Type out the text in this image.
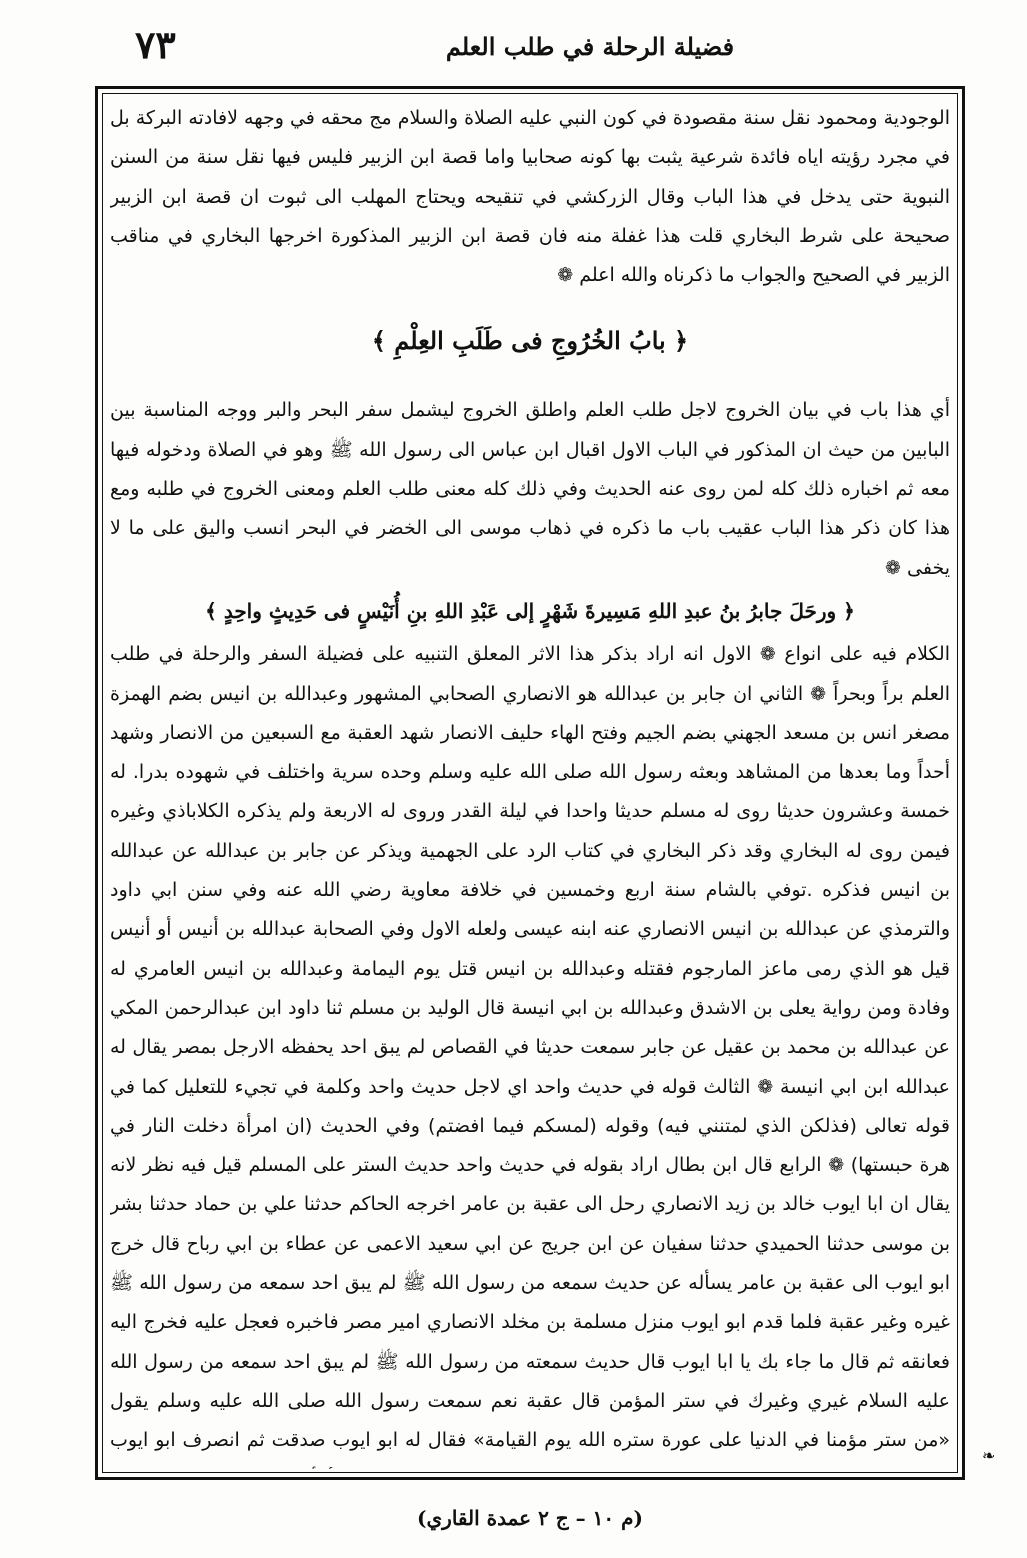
٧٣	فضيلة الرحلة في طلب العلم

الوجودية ومحمود نقل سنة مقصودة في كون النبي عليه الصلاة والسلام مج محقه في وجهه لافادته البركة بل في مجرد رؤيته اياه فائدة شرعية يثبت بها كونه صحابيا واما قصة ابن الزبير فليس فيها نقل سنة من السنن النبوية حتى يدخل في هذا الباب وقال الزركشي في تنقيحه ويحتاج المهلب الى ثبوت ان قصة ابن الزبير صحيحة على شرط البخاري قلت هذا غفلة منه فان قصة ابن الزبير المذكورة اخرجها البخاري في مناقب الزبير في الصحيح والجواب ما ذكرناه والله اعلم ❁

﴿ بابُ الخُرُوجِ فی طَلَبِ العِلْمِ ﴾

أي هذا باب في بيان الخروج لاجل طلب العلم واطلق الخروج ليشمل سفر البحر والبر ووجه المناسبة بين البابين من حيث ان المذكور في الباب الاول اقبال ابن عباس الى رسول الله ﷺ وهو في الصلاة ودخوله فيها معه ثم اخباره ذلك كله لمن روى عنه الحديث وفي ذلك كله معنى طلب العلم ومعنى الخروج في طلبه ومع هذا كان ذكر هذا الباب عقيب باب ما ذكره في ذهاب موسى الى الخضر في البحر انسب واليق على ما لا يخفى ❁

﴿ ورحَلَ جابرُ بنُ عبدِ اللهِ مَسِيرةَ شَهْرٍ إلى عَبْدِ اللهِ بنِ أُنَيْسٍ فی حَدِيثٍ واحِدٍ ﴾

الكلام فيه على انواع ❁ الاول انه اراد بذكر هذا الاثر المعلق التنبيه على فضيلة السفر والرحلة في طلب العلم براً وبحراً ❁ الثاني ان جابر بن عبدالله هو الانصاري الصحابي المشهور وعبدالله بن انيس بضم الهمزة مصغر انس بن مسعد الجهني بضم الجيم وفتح الهاء حليف الانصار شهد العقبة مع السبعين من الانصار وشهد أحداً وما بعدها من المشاهد وبعثه رسول الله صلى الله عليه وسلم وحده سرية واختلف في شهوده بدرا. له خمسة وعشرون حديثا روى له مسلم حديثا واحدا في ليلة القدر وروى له الاربعة ولم يذكره الكلاباذي وغيره فيمن روى له البخاري وقد ذكر البخاري في كتاب الرد على الجهمية ويذكر عن جابر بن عبدالله عن عبدالله بن انيس فذكره .توفي بالشام سنة اربع وخمسين في خلافة معاوية رضي الله عنه وفي سنن ابي داود والترمذي عن عبدالله بن انيس الانصاري عنه ابنه عيسى ولعله الاول وفي الصحابة عبدالله بن أنيس أو أنيس قيل هو الذي رمى ماعز المارجوم فقتله وعبدالله بن انيس قتل يوم اليمامة وعبدالله بن انيس العامري له وفادة ومن رواية يعلى بن الاشدق وعبدالله بن ابي انيسة قال الوليد بن مسلم ثنا داود ابن عبدالرحمن المكي عن عبدالله بن محمد بن عقيل عن جابر سمعت حديثا في القصاص لم يبق احد يحفظه الارجل بمصر يقال له عبدالله ابن ابي انيسة ❁ الثالث قوله في حديث واحد اي لاجل حديث واحد وكلمة في تجيء للتعليل كما في قوله تعالى (فذلكن الذي لمتنني فيه) وقوله (لمسكم فيما افضتم) وفي الحديث (ان امرأة دخلت النار في هرة حبستها) ❁ الرابع قال ابن بطال اراد بقوله في حديث واحد حديث الستر على المسلم قيل فيه نظر لانه يقال ان ابا ايوب خالد بن زيد الانصاري رحل الى عقبة بن عامر اخرجه الحاكم حدثنا علي بن حماد حدثنا بشر بن موسى حدثنا الحميدي حدثنا سفيان عن ابن جريج عن ابي سعيد الاعمى عن عطاء بن ابي رباح قال خرج ابو ايوب الى عقبة بن عامر يسأله عن حديث سمعه من رسول الله ﷺ لم يبق احد سمعه من رسول الله ﷺ غيره وغير عقبة فلما قدم ابو ايوب منزل مسلمة بن مخلد الانصاري امير مصر فاخبره فعجل عليه فخرج اليه فعانقه ثم قال ما جاء بك يا ابا ايوب قال حديث سمعته من رسول الله ﷺ لم يبق احد سمعه من رسول الله عليه السلام غيري وغيرك في ستر المؤمن قال عقبة نعم سمعت رسول الله صلى الله عليه وسلم يقول «من ستر مؤمنا في الدنيا على عورة ستره الله يوم القيامة» فقال له ابو ايوب صدقت ثم انصرف ابو ايوب

❧
(م ١٠ – ج ٢ عمدة القاري)
